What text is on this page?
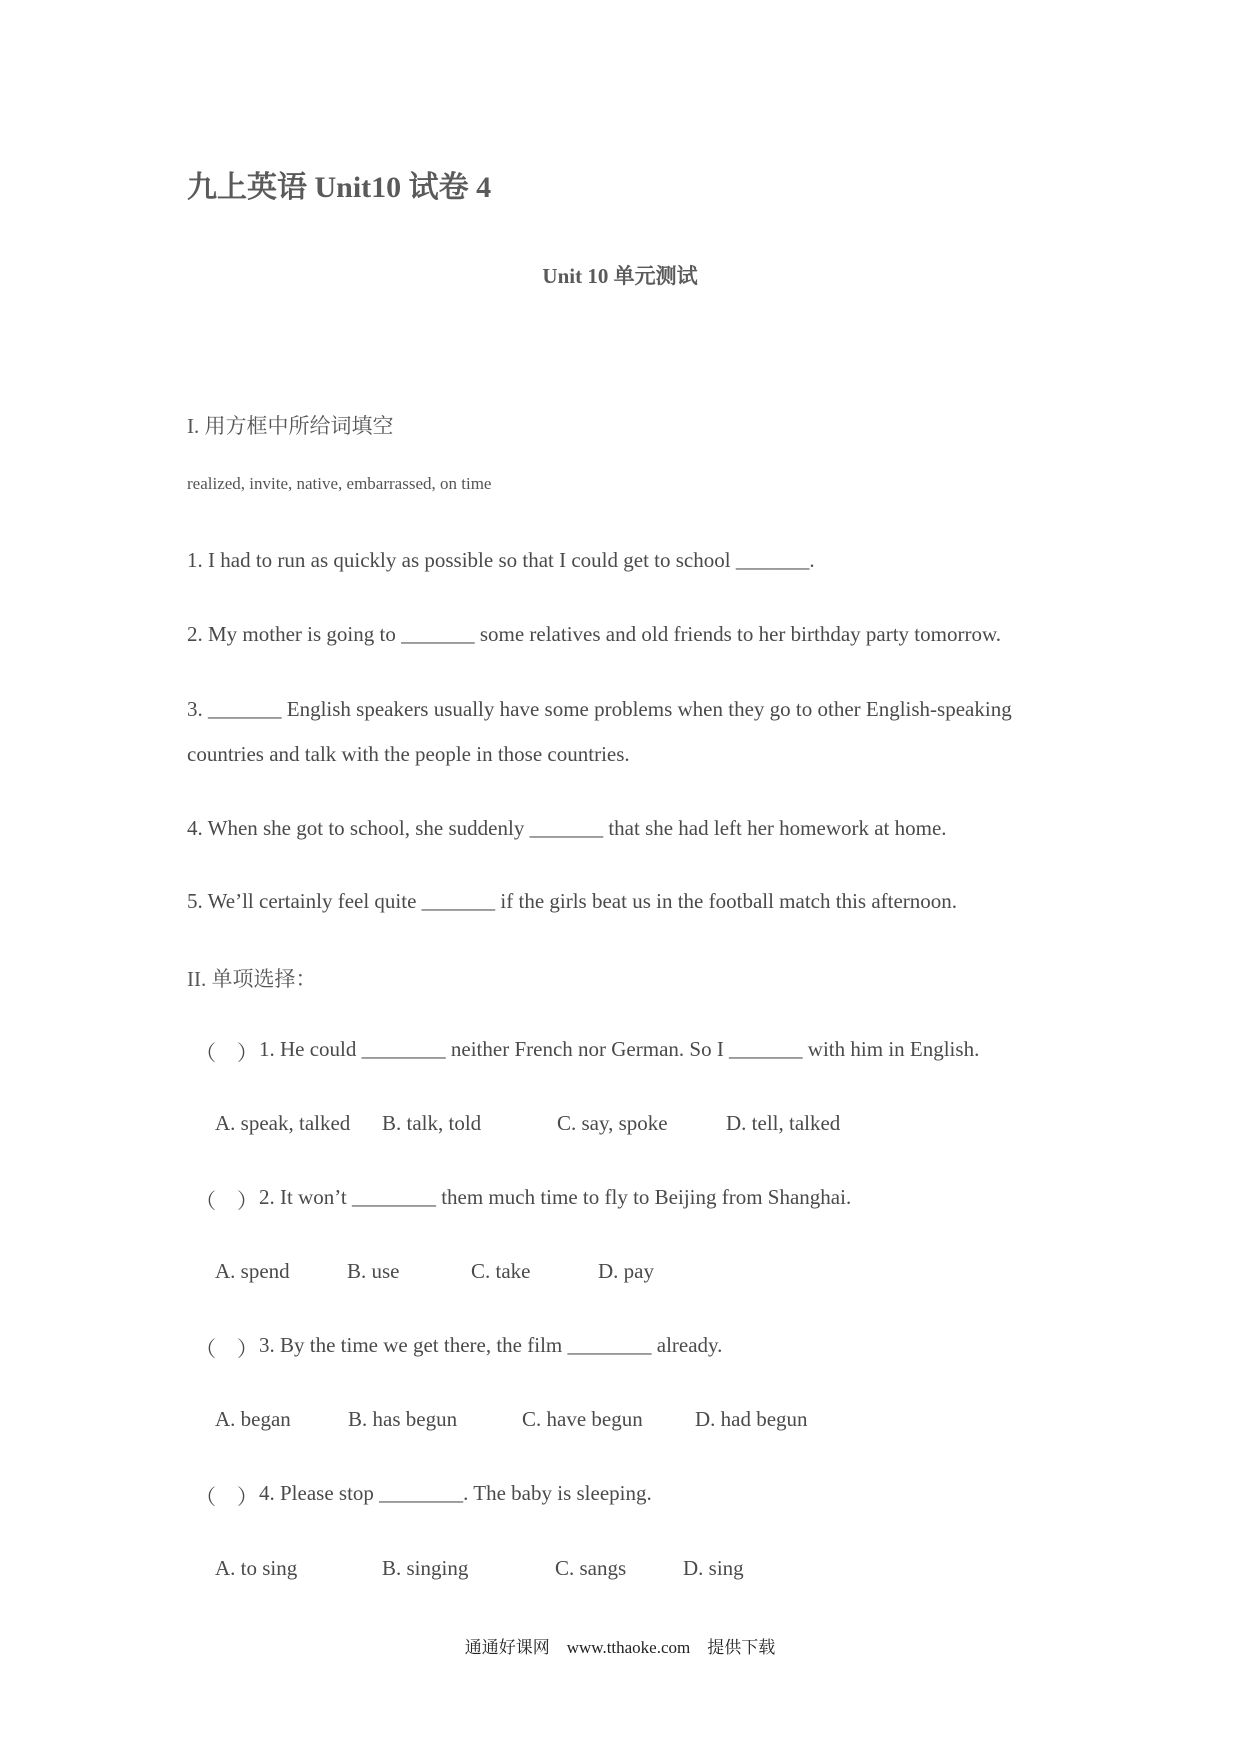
九上英语 Unit10 试卷 4
Unit 10 单元测试
I. 用方框中所给词填空
realized, invite, native, embarrassed, on time
1. I had to run as quickly as possible so that I could get to school _______.
2. My mother is going to _______ some relatives and old friends to her birthday party tomorrow.
3. _______ English speakers usually have some problems when they go to other English-speaking
countries and talk with the people in those countries.
4. When she got to school, she suddenly _______ that she had left her homework at home.
5. We’ll certainly feel quite _______ if the girls beat us in the football match this afternoon.
II. 单项选择：
（　） 1. He could ________ neither French nor German. So I _______ with him in English.
A. speak, talked B. talk, told	C. say, spoke	D. tell, talked
（　） 2. It won’t ________ them much time to fly to Beijing from Shanghai.
A. spend	B. use	C. take	D. pay
（　） 3. By the time we get there, the film ________ already.
A. began	B. has begun	C. have begun D. had begun
（　） 4. Please stop ________. The baby is sleeping.
A. to sing	B. singing	C. sangs	D. sing
通通好课网　www.tthaoke.com　提供下载
